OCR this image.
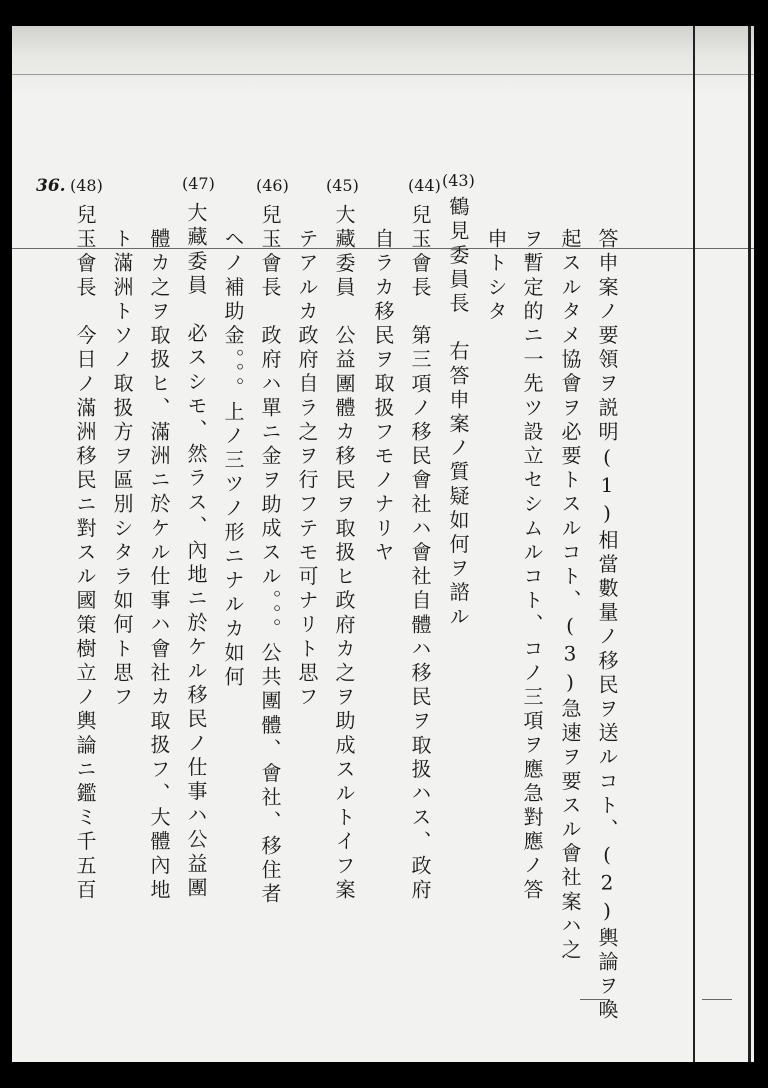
36.
答申案ノ要領ヲ説明(1)相當數量ノ移民ヲ送ルコト、(2)輿論ヲ喚
起スルタメ協會ヲ必要トスルコト、(3)急速ヲ要スル會社案ハ之
ヲ暫定的ニ一先ツ設立セシムルコト、コノ三項ヲ應急對應ノ答
申トシタ
(43)
鶴見委員長　右答申案ノ質疑如何ヲ諮ル
(44)
兒玉會長　第三項ノ移民會社ハ會社自體ハ移民ヲ取扱ハス、政府
自ラカ移民ヲ取扱フモノナリヤ
(45)
大藏委員　公益團體カ移民ヲ取扱ヒ政府カ之ヲ助成スルトイフ案
テアルカ政府自ラ之ヲ行フテモ可ナリト思フ
(46)
兒玉會長　政府ハ單ニ金ヲ助成スル。。。公共團體、會社、移住者
ヘノ補助金。。。上ノ三ツノ形ニナルカ如何
(47)
大藏委員　必スシモ、然ラス、內地ニ於ケル移民ノ仕事ハ公益團
體カ之ヲ取扱ヒ、滿洲ニ於ケル仕事ハ會社カ取扱フ、大體內地
ト滿洲トソノ取扱方ヲ區別シタラ如何ト思フ
(48)
兒玉會長　今日ノ滿洲移民ニ對スル國策樹立ノ輿論ニ鑑ミ千五百
